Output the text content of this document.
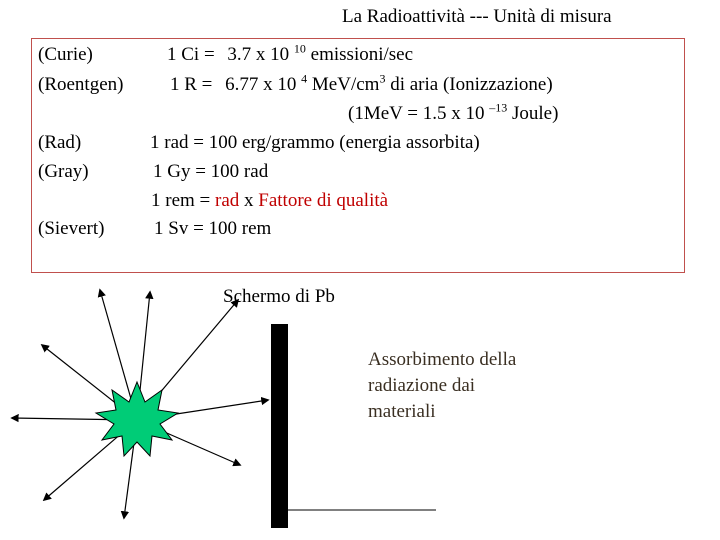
La Radioattività --- Unità di misura
(Curie)	1 Ci = 3.7 x 10 $^{10}$ emissioni/sec
(Roentgen) 1 R = 6.77 x 10 $^4$ MeV/$cm^3$ di aria (Ionizzazione)
(1MeV = 1.5 x 10 $^{-13}$ Joule)
(Rad)	1 rad = 100 erg/grammo (energia assorbita)
(Gray)	1 Gy = 100 rad
1 rem = rad x Fattore di qualità
(Sievert)	1 Sv = 100 rem
Schermo di Pb
Assorbimento della
radiazione dai
materiali
